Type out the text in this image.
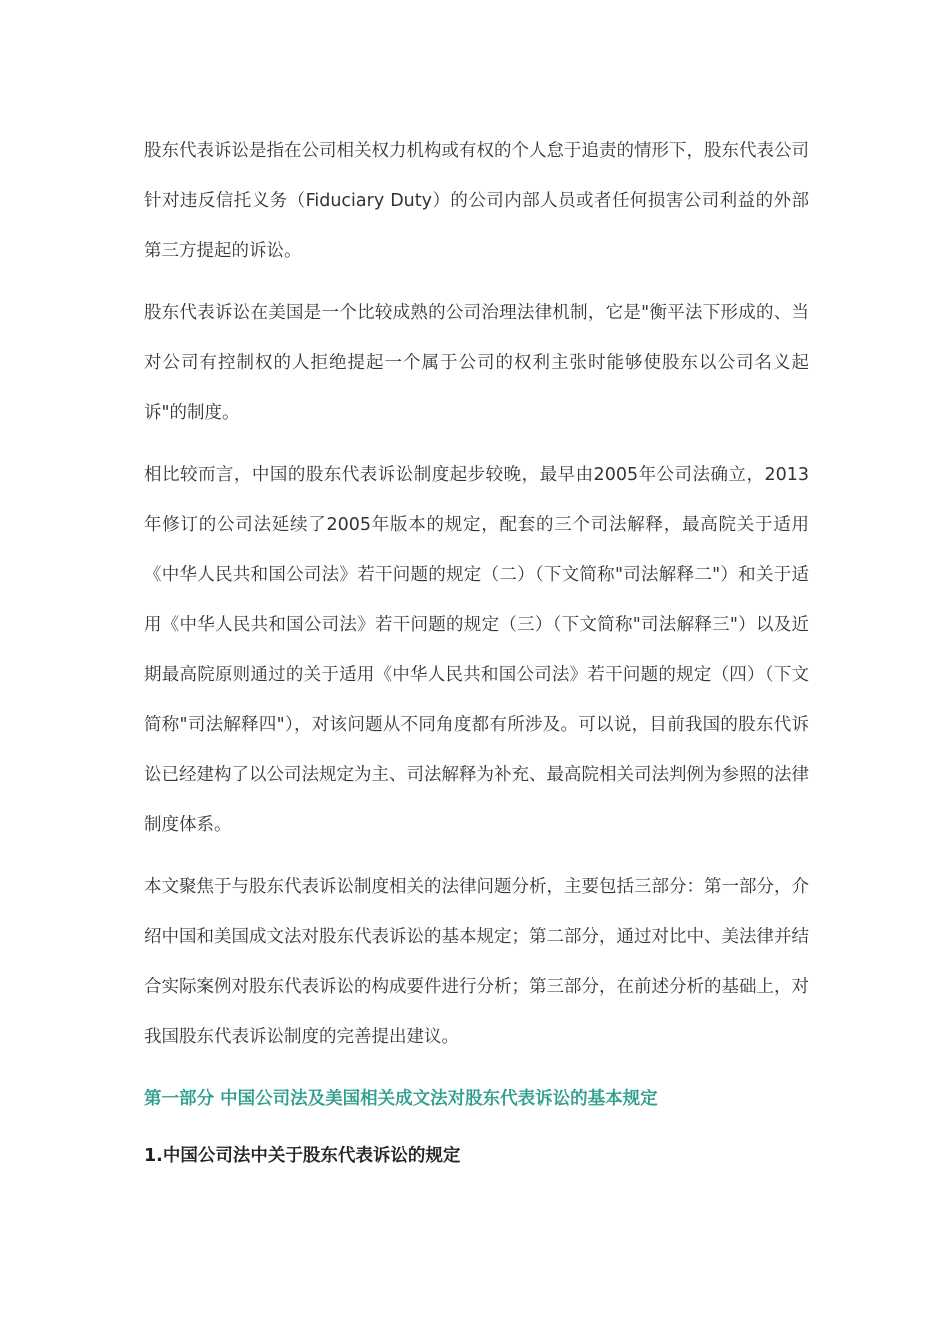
股东代表诉讼是指在公司相关权力机构或有权的个人怠于追责的情形下，股东代表公司针对违反信托义务（Fiduciary Duty）的公司内部人员或者任何损害公司利益的外部第三方提起的诉讼。

股东代表诉讼在美国是一个比较成熟的公司治理法律机制，它是"衡平法下形成的、当对公司有控制权的人拒绝提起一个属于公司的权利主张时能够使股东以公司名义起诉"的制度。

相比较而言，中国的股东代表诉讼制度起步较晚，最早由2005年公司法确立，2013年修订的公司法延续了2005年版本的规定，配套的三个司法解释，最高院关于适用《中华人民共和国公司法》若干问题的规定（二）（下文简称"司法解释二"）和关于适用《中华人民共和国公司法》若干问题的规定（三）（下文简称"司法解释三"）以及近期最高院原则通过的关于适用《中华人民共和国公司法》若干问题的规定（四）（下文简称"司法解释四"），对该问题从不同角度都有所涉及。可以说，目前我国的股东代诉讼已经建构了以公司法规定为主、司法解释为补充、最高院相关司法判例为参照的法律制度体系。

本文聚焦于与股东代表诉讼制度相关的法律问题分析，主要包括三部分：第一部分，介绍中国和美国成文法对股东代表诉讼的基本规定；第二部分，通过对比中、美法律并结合实际案例对股东代表诉讼的构成要件进行分析；第三部分，在前述分析的基础上，对我国股东代表诉讼制度的完善提出建议。

第一部分 中国公司法及美国相关成文法对股东代表诉讼的基本规定
1.中国公司法中关于股东代表诉讼的规定
